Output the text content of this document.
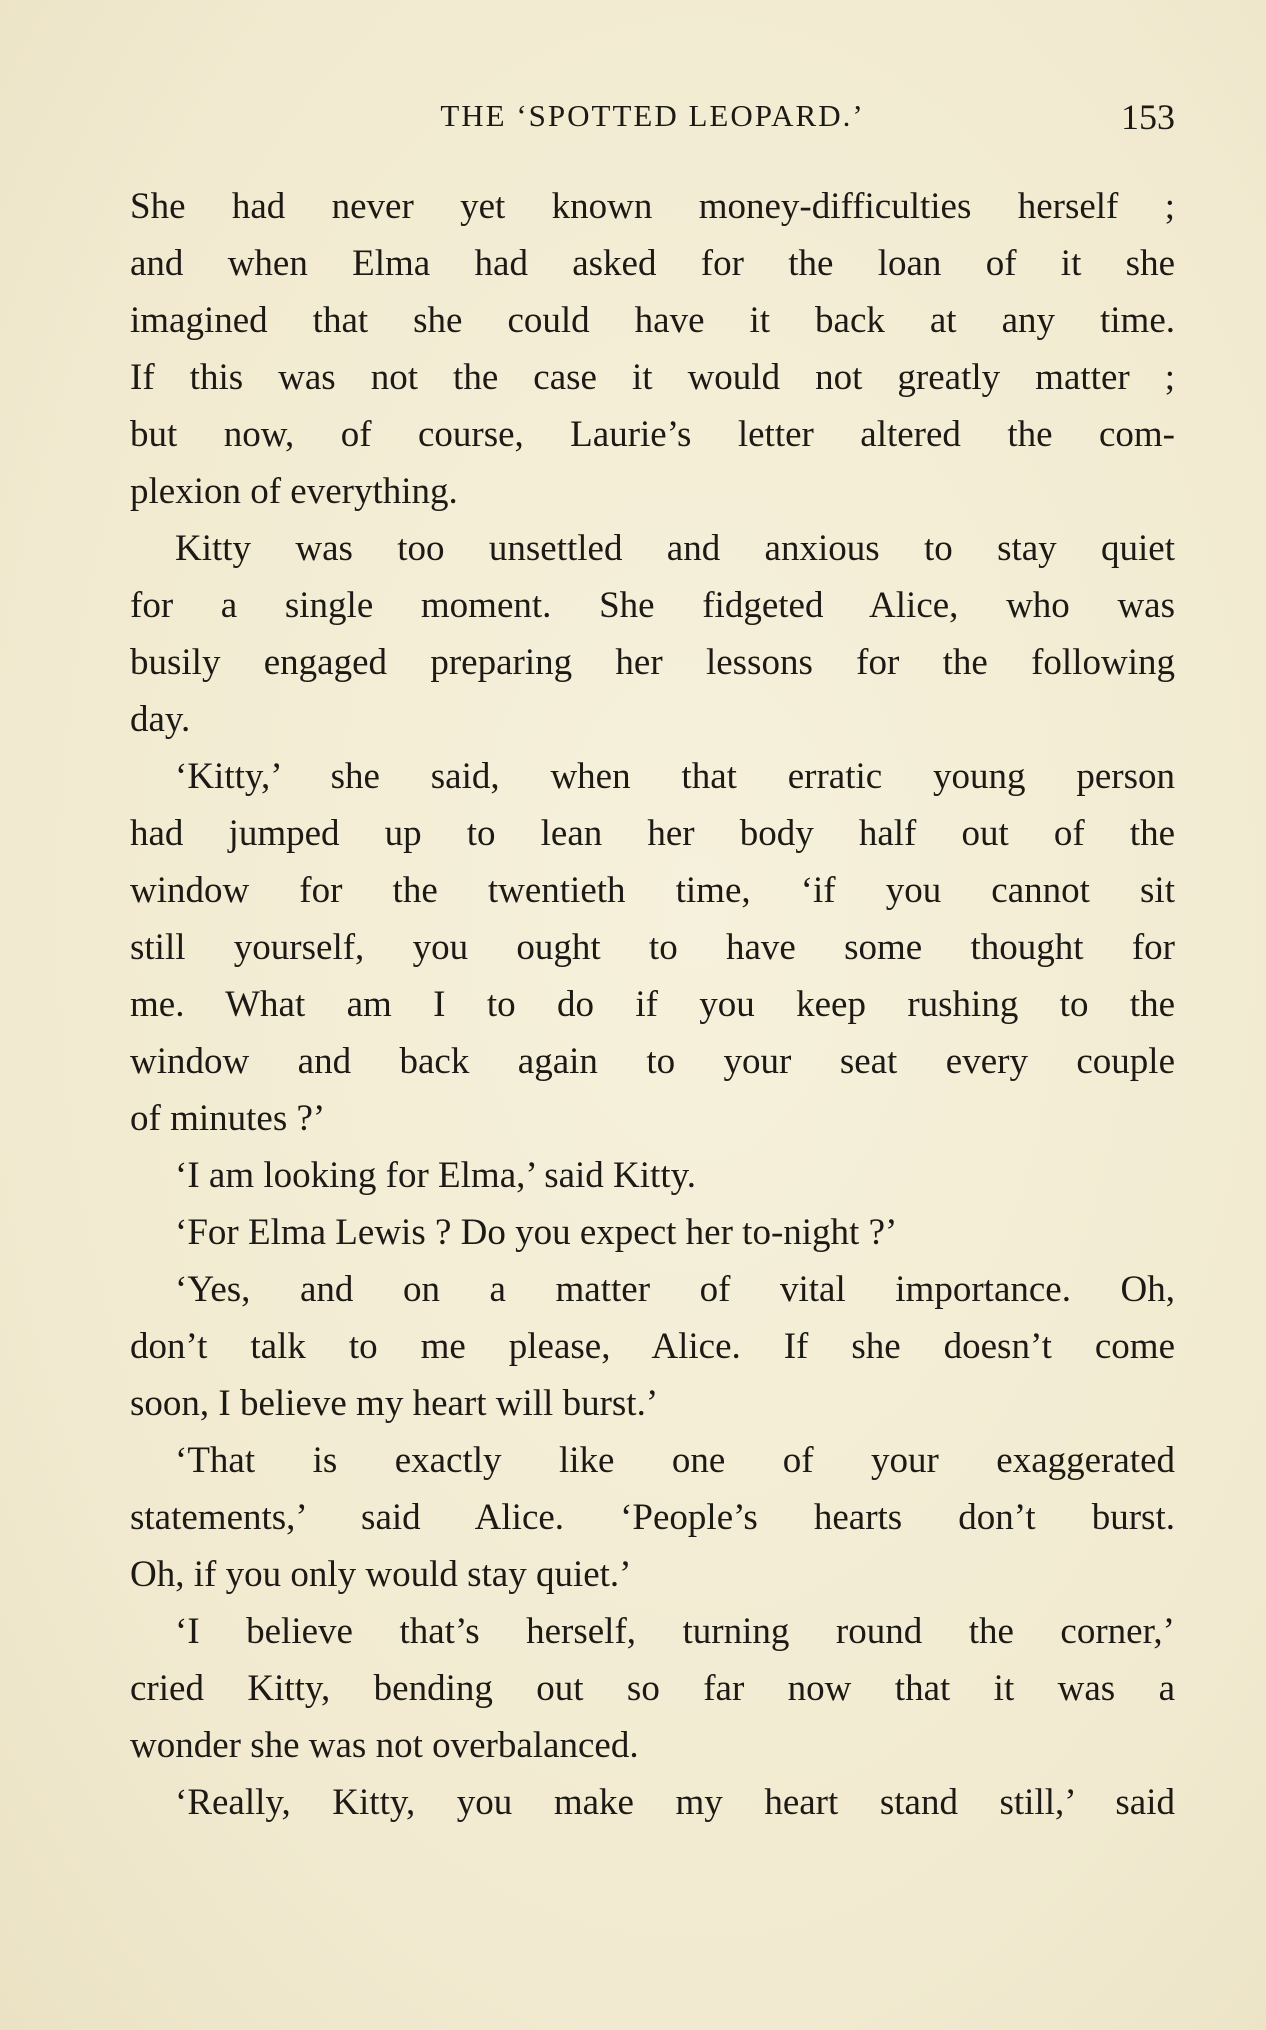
THE ‘SPOTTED LEOPARD.’	153
She had never yet known money-difficulties herself ;
and when Elma had asked for the loan of it she
imagined that she could have it back at any time.
If this was not the case it would not greatly matter ;
but now, of course, Laurie’s letter altered the com-
plexion of everything.
Kitty was too unsettled and anxious to stay quiet
for a single moment. She fidgeted Alice, who was
busily engaged preparing her lessons for the following
day.
‘Kitty,’ she said, when that erratic young person
had jumped up to lean her body half out of the
window for the twentieth time, ‘if you cannot sit
still yourself, you ought to have some thought for
me. What am I to do if you keep rushing to the
window and back again to your seat every couple
of minutes ?’
‘I am looking for Elma,’ said Kitty.
‘For Elma Lewis ? Do you expect her to-night ?’
‘Yes, and on a matter of vital importance. Oh,
don’t talk to me please, Alice. If she doesn’t come
soon, I believe my heart will burst.’
‘That is exactly like one of your exaggerated
statements,’ said Alice. ‘People’s hearts don’t burst.
Oh, if you only would stay quiet.’
‘I believe that’s herself, turning round the corner,’
cried Kitty, bending out so far now that it was a
wonder she was not overbalanced.
‘Really, Kitty, you make my heart stand still,’ said
